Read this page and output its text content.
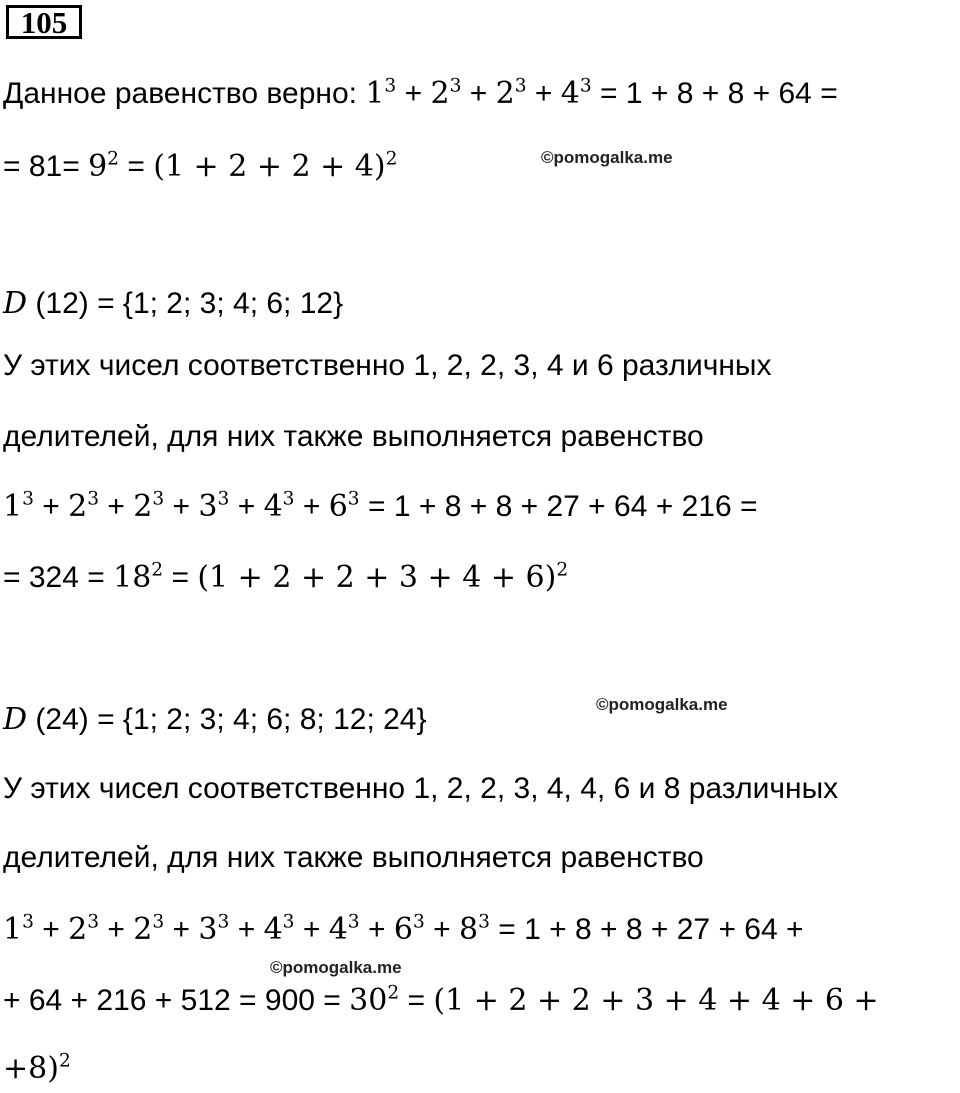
105
Данное равенство верно: $1^3 + 2^3 + 2^3 + 4^3 = 1 + 8 + 8 + 64$ =
= $81= 9^2 = (1 + 2 + 2 + 4)^2$	©pomogalka.me
D (12) = {1; 2; 3; 4; 6; 12}
У этих чисел соответственно 1, 2, 2, 3, 4 и 6 различных
делителей, для них также выполняется равенство
$1^3 + 2^3 + 2^3 + 3^3 + 4^3 + 6^3 = 1 + 8 + 8 + 27 + 64 + 216$ =
= $324 = 18^2 = (1 + 2 + 2 + 3 + 4 + 6)^2$
D (24) = {1; 2; 3; 4; 6; 8; 12; 24}	©pomogalka.me
У этих чисел соответственно 1, 2, 2, 3, 4, 4, 6 и 8 различных
делителей, для них также выполняется равенство
$1^3 + 2^3 + 2^3 + 3^3 + 4^3 + 4^3 + 6^3 + 8^3 = 1 + 8 + 8 + 27 + 64$ +
©pomogalka.me
+ $64 + 216 + 512 = 900 = 30^2 = (1 + 2 + 2 + 3 + 4 + 4 + 6$ +
+8)$^2$
